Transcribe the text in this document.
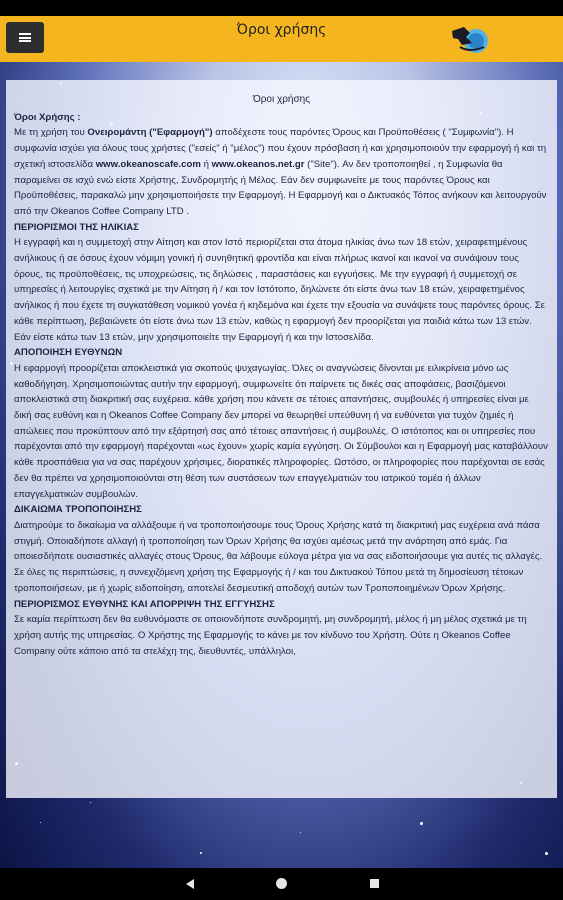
Όροι χρήσης
Όροι χρήσης

Όροι Χρήσης :

Με τη χρήση του Ονειρομάντη ("Εφαρμογή") αποδέχεστε τους παρόντες Όρους και Προϋποθέσεις ( "Συμφωνία"). Η συμφωνία ισχύει για όλους τους χρήστες ("εσείς" ή "μέλος") που έχουν πρόσβαση ή και χρησιμοποιούν την εφαρμογή ή και τη σχετική ιστοσελίδα www.okeanoscafe.com ή www.okeanos.net.gr ("Site"). Αν δεν τροποποιηθεί , η Συμφωνία θα παραμείνει σε ισχύ ενώ είστε Χρήστης, Συνδρομητής ή Μέλος. Εάν δεν συμφωνείτε με τους παρόντες Όρους και Προϋποθέσεις, παρακαλώ μην χρησιμοποιήσετε την Εφαρμογή. Η Εφαρμογή και ο Δικτυακός Τόπος ανήκουν και λειτουργούν από την Okeanos Coffee Company LTD .

ΠΕΡΙΟΡΙΣΜΟΙ ΤΗΣ ΗΛΙΚΙΑΣ

Η εγγραφή και η συμμετοχή στην Αίτηση και στον Ιστό περιορίζεται στα άτομα ηλικίας άνω των 18 ετών, χειραφετημένους ανήλικους ή σε όσους έχουν νόμιμη γονική ή συνηθητική φροντίδα και είναι πλήρως ικανοί και ικανοί να συνάψουν τους όρους, τις προϋποθέσεις, τις υποχρεώσεις, τις δηλώσεις , παραστάσεις και εγγυήσεις. Με την εγγραφή ή συμμετοχή σε υπηρεσίες ή λειτουργίες σχετικά με την Αίτηση ή / και τον Ιστότοπο, δηλώνετε ότι είστε άνω των 18 ετών, χειραφετημένος ανήλικος ή που έχετε τη συγκατάθεση νομικού γονέα ή κηδεμόνα και έχετε την εξουσία να συνάψετε τους παρόντες όρους. Σε κάθε περίπτωση, βεβαιώνετε ότι είστε άνω των 13 ετών, καθώς η εφαρμογή δεν προορίζεται για παιδιά κάτω των 13 ετών. Εάν είστε κάτω των 13 ετών, μην χρησιμοποιείτε την Εφαρμογή ή και την Ιστοσελίδα.

ΑΠΟΠΟΙΗΣΗ ΕΥΘΥΝΩΝ

Η εφαρμογή προορίζεται αποκλειστικά για σκοπούς ψυχαγωγίας. Όλες οι αναγνώσεις δίνονται με ειλικρίνεια μόνο ως καθοδήγηση. Χρησιμοποιώντας αυτήν την εφαρμογή, συμφωνείτε ότι παίρνετε τις δικές σας αποφάσεις, βασιζόμενοι αποκλειστικά στη διακριτική σας ευχέρεια. κάθε χρήση που κάνετε σε τέτοιες απαντήσεις, συμβουλές ή υπηρεσίες είναι με δική σας ευθύνη και η Okeanos Coffee Company δεν μπορεί να θεωρηθεί υπεύθυνη ή να ευθύνεται για τυχόν ζημιές ή απώλειες που προκύπτουν από την εξάρτησή σας από τέτοιες απαντήσεις ή συμβουλές. Ο ιστότοπος και οι υπηρεσίες που παρέχονται από την εφαρμογή παρέχονται «ως έχουν» χωρίς καμία εγγύηση. Οι Σύμβουλοι και η Εφαρμογή μας καταβάλλουν κάθε προσπάθεια για να σας παρέχουν χρήσιμες, διορατικές πληροφορίες. Ωστόσο, οι πληροφορίες που παρέχονται σε εσάς δεν θα πρέπει να χρησιμοποιούνται στη θέση των συστάσεων των επαγγελματιών του ιατρικού τομέα ή άλλων επαγγελματικών συμβουλών.

ΔΙΚΑΙΩΜΑ ΤΡΟΠΟΠΟΙΗΣΗΣ

Διατηρούμε το δικαίωμα να αλλάξουμε ή να τροποποιήσουμε τους Όρους Χρήσης κατά τη διακριτική μας ευχέρεια ανά πάσα στιγμή. Οποιαδήποτε αλλαγή ή τροποποίηση των Όρων Χρήσης θα ισχύει αμέσως μετά την ανάρτηση από εμάς. Για οποιεσδήποτε ουσιαστικές αλλαγές στους Όρους, θα λάβουμε εύλογα μέτρα για να σας ειδοποιήσουμε για αυτές τις αλλαγές. Σε όλες τις περιπτώσεις, η συνεχιζόμενη χρήση της Εφαρμογής ή / και του Δικτυακού Τόπου μετά τη δημοσίευση τέτοιων τροποποιήσεων, με ή χωρίς ειδοποίηση, αποτελεί δεσμευτική αποδοχή αυτών των Τροποποιημένων Όρων Χρήσης.

ΠΕΡΙΟΡΙΣΜΟΣ ΕΥΘΥΝΗΣ ΚΑΙ ΑΠΟΡΡΙΨΗ ΤΗΣ ΕΓΓΥΗΣΗΣ

Σε καμία περίπτωση δεν θα ευθυνόμαστε σε οποιονδήποτε συνδρομητή, μη συνδρομητή, μέλος ή μη μέλος σχετικά με τη χρήση αυτής της υπηρεσίας. Ο Χρήστης της Εφαρμογής το κάνει με τον κίνδυνο του Χρήστη. Ούτε η Okeanos Coffee Company ούτε κάποιο από τα στελέχη της, διευθυντές, υπάλληλοι,
